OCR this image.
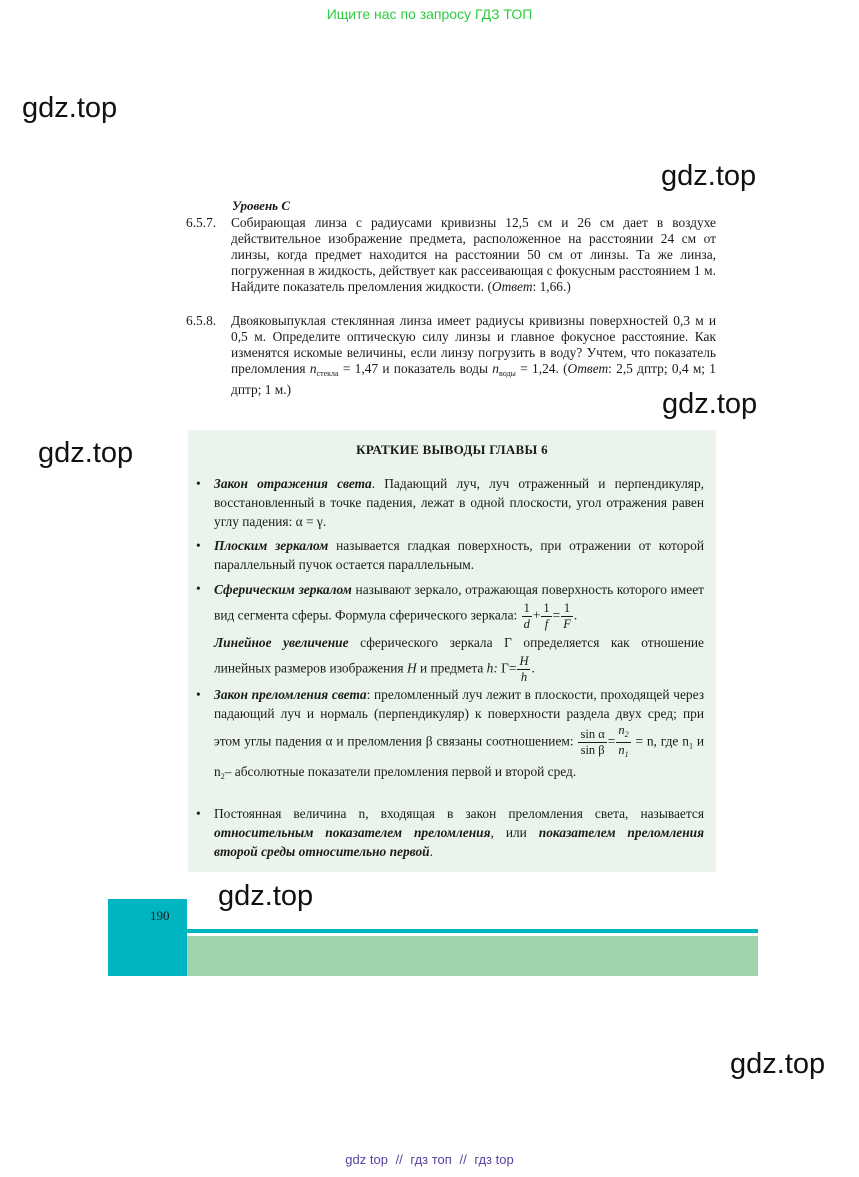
Ищите нас по запросу ГДЗ ТОП
gdz.top
gdz.top
gdz.top
gdz.top
gdz.top
gdz.top
Уровень С
6.5.7. Собирающая линза с радиусами кривизны 12,5 см и 26 см дает в воздухе действительное изображение предмета, расположенное на расстоянии 24 см от линзы, когда предмет находится на расстоянии 50 см от линзы. Та же линза, погруженная в жидкость, действует как рассеивающая с фокусным расстоянием 1 м. Найдите показатель преломления жидкости. (Ответ: 1,66.)
6.5.8. Двояковыпуклая стеклянная линза имеет радиусы кривизны поверхностей 0,3 м и 0,5 м. Определите оптическую силу линзы и главное фокусное расстояние. Как изменятся искомые величины, если линзу погрузить в воду? Учтем, что показатель преломления $n_{стекла} = 1,47$ и показатель воды $n_{воды} = 1,24$. (Ответ: 2,5 дптр; 0,4 м; 1 дптр; 1 м.)
КРАТКИЕ ВЫВОДЫ ГЛАВЫ 6
• Закон отражения света. Падающий луч, луч отраженный и перпендикуляр, восстановленный в точке падения, лежат в одной плоскости, угол отражения равен углу падения: α = γ.
• Плоским зеркалом называется гладкая поверхность, при отражении от которой параллельный пучок остается параллельным.
• Сферическим зеркалом называют зеркало, отражающая поверхность которого имеет вид сегмента сферы. Формула сферического зеркала: $\frac{1}{d} + \frac{1}{f} = \frac{1}{F}$ .
Линейное увеличение сферического зеркала Г определяется как отношение линейных размеров изображения H и предмета h: $Г= \frac{H}{h}$ .
• Закон преломления света: преломленный луч лежит в плоскости, проходящей через падающий луч и нормаль (перпендикуляр) к поверхности раздела двух сред; при этом углы падения α и преломления β связаны соотношением: $\frac{\text{sin α}}{\text{sin β}} = \frac{n_2}{n_1} = n$, где $n_1$ и $n_2-$ абсолютные показатели преломления первой и второй сред.
• Постоянная величина n, входящая в закон преломления света, называется относительным показателем преломления, или показателем преломления второй среды относительно первой.
190
gdz top // гдз топ // гдз top
